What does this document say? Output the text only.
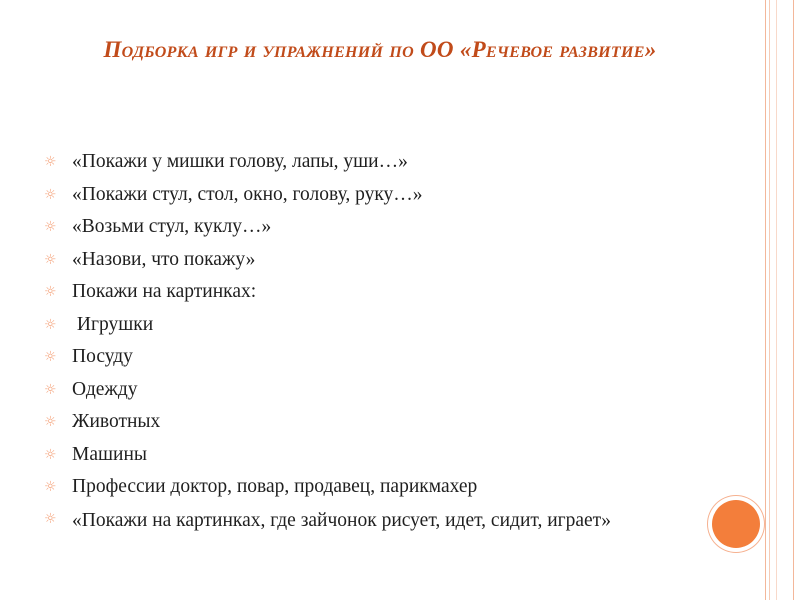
Подборка игр и упражнений по ОО «Речевое развитие»
☼ «Покажи у мишки голову, лапы, уши…»
☼ «Покажи стул, стол, окно, голову, руку…»
☼ «Возьми стул, куклу…»
☼ «Назови, что покажу»
☼ Покажи на картинках:
☼ Игрушки
☼ Посуду
☼ Одежду
☼ Животных
☼ Машины
☼ Профессии доктор, повар, продавец, парикмахер
☼ «Покажи на картинках, где зайчонок рисует, идет, сидит, играет»
